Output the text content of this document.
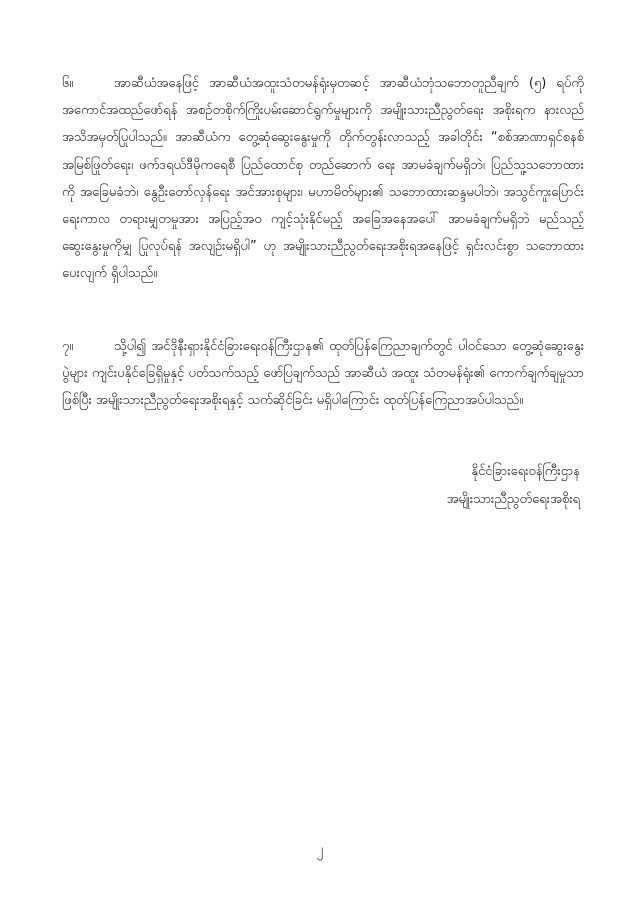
၆။	အာဆီယံအနေဖြင့် အာဆီယံအထူးသံတမန်ရုံးမှတဆင့် အာဆီယံဘုံသဘောတူညီချက် (၅) ရပ်ကို အကောင်အထည်ဖော်ရန် အစဉ်တစိုက်ကြိုးပမ်းဆောင်ရွက်မှုများကို အမျိုးသားညီညွတ်ရေး အစိုးရက နားလည်အသိအမှတ်ပြုပါသည်။ အာဆီယံက တွေ့ဆုံဆွေးနွေးမှုကို တိုက်တွန်းလာသည့် အခါတိုင်း “စစ်အာဏာရှင်စနစ် အမြစ်ဖြုတ်ရေး၊ ဖက်ဒရယ်ဒီမိုကရေစီ ပြည်ထောင်စု တည်ဆောက် ရေး အာမခံချက်မရှိဘဲ၊ ပြည်သူ့သဘောထားကို အခြေမခံဘဲ၊ နွေဦးတော်လှန်ရေး အင်အားစုများ၊ မဟာမိတ်များ၏ သဘောထားဆန္ဒမပါဘဲ၊ အသွင်ကူးပြောင်းရေးကာလ တရားမျှတမှုအား အပြည့်အဝ ကျင့်သုံးနိုင်မည့် အခြေအနေအပေါ် အာမခံချက်မရှိဘဲ မည်သည့်ဆွေးနွေးမှုကိုမျှ ပြုလုပ်ရန် အလျဉ်းမရှိပါ” ဟု အမျိုးသားညီညွတ်ရေးအစိုးရအနေဖြင့် ရှင်းလင်းစွာ သဘောထား ပေးလျက် ရှိပါသည်။
၇။	သို့ပါ၍ အင်ဒိုနီးရှားနိုင်ငံခြားရေးဝန်ကြီးဌာန၏ ထုတ်ပြန်ကြေညာချက်တွင် ပါဝင်သော တွေ့ဆုံဆွေးနွေးပွဲများ ကျင်းပနိုင်ခြေရှိမှုနှင့် ပတ်သက်သည့် ဖော်ပြချက်သည် အာဆီယံ အထူး သံတမန်ရုံး၏ ကောက်ချက်ချမှုသာဖြစ်ပြီး အမျိုးသားညီညွတ်ရေးအစိုးရနှင့် သက်ဆိုင်ခြင်း မရှိပါကြောင်း ထုတ်ပြန်ကြေညာအပ်ပါသည်။
နိုင်ငံခြားရေးဝန်ကြီးဌာန
အမျိုးသားညီညွတ်ရေးအစိုးရ
၂
